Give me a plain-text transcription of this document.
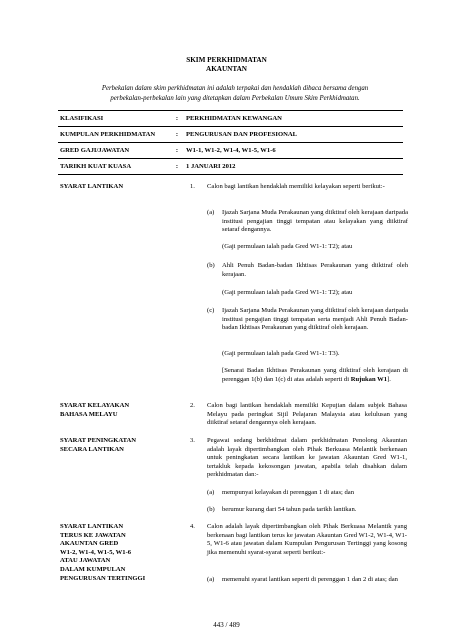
SKIM PERKHIDMATAN
AKAUNTAN
Perbekalan dalam skim perkhidmatan ini adalah terpakai dan hendaklah dibaca bersama dengan
perbekalan-perbekalan lain yang ditetapkan dalam Perbekalan Umum Skim Perkhidmatan.
KLASIFIKASI	:	PERKHIDMATAN KEWANGAN
KUMPULAN PERKHIDMATAN	:	PENGURUSAN DAN PROFESIONAL
GRED GAJI/JAWATAN	:	W1-1, W1-2, W1-4, W1-5, W1-6
TARIKH KUAT KUASA	:	1 JANUARI 2012
SYARAT LANTIKAN	1.	Calon bagi lantikan hendaklah memiliki kelayakan seperti berikut:-
(a)	Ijazah Sarjana Muda Perakaunan yang diiktiraf oleh kerajaan daripada institusi pengajian tinggi tempatan atau kelayakan yang diiktiraf setaraf dengannya.
(Gaji permulaan ialah pada Gred W1-1: T2); atau
(b)	Ahli Penuh Badan-badan Ikhtisas Perakaunan yang diiktiraf oleh kerajaan.
(Gaji permulaan ialah pada Gred W1-1: T2); atau
(c)	Ijazah Sarjana Muda Perakaunan yang diiktiraf oleh kerajaan daripada institusi pengajian tinggi tempatan serta menjadi Ahli Penuh Badan-badan Ikhtisas Perakaunan yang diiktiraf oleh kerajaan.
(Gaji permulaan ialah pada Gred W1-1: T3).
[Senarai Badan Ikhtisas Perakaunan yang diiktiraf oleh kerajaan di perenggan 1(b) dan 1(c) di atas adalah seperti di Rujukan W1].
SYARAT KELAYAKAN
BAHASA MELAYU
2.	Calon bagi lantikan hendaklah memiliki Kepujian dalam subjek Bahasa Melayu pada peringkat Sijil Pelajaran Malaysia atau kelulusan yang diiktiraf setaraf dengannya oleh kerajaan.
SYARAT PENINGKATAN
SECARA LANTIKAN
3.	Pegawai sedang berkhidmat dalam perkhidmatan Penolong Akauntan adalah layak dipertimbangkan oleh Pihak Berkuasa Melantik berkenaan untuk peningkatan secara lantikan ke jawatan Akauntan Gred W1-1, tertakluk kepada kekosongan jawatan, apabila telah disahkan dalam perkhidmatan dan:-
(a)	mempunyai kelayakan di perenggan 1 di atas; dan
(b)	berumur kurang dari 54 tahun pada tarikh lantikan.
SYARAT LANTIKAN
TERUS KE JAWATAN
AKAUNTAN GRED
W1-2, W1-4, W1-5, W1-6
ATAU JAWATAN
DALAM KUMPULAN
PENGURUSAN TERTINGGI
4.	Calon adalah layak dipertimbangkan oleh Pihak Berkuasa Melantik yang berkenaan bagi lantikan terus ke jawatan Akauntan Gred W1-2, W1-4, W1-5, W1-6 atau jawatan dalam Kumpulan Pengurusan Tertinggi yang kosong jika memenuhi syarat-syarat seperti berikut:-
(a)	memenuhi syarat lantikan seperti di perenggan 1 dan 2 di atas; dan
443 / 489
